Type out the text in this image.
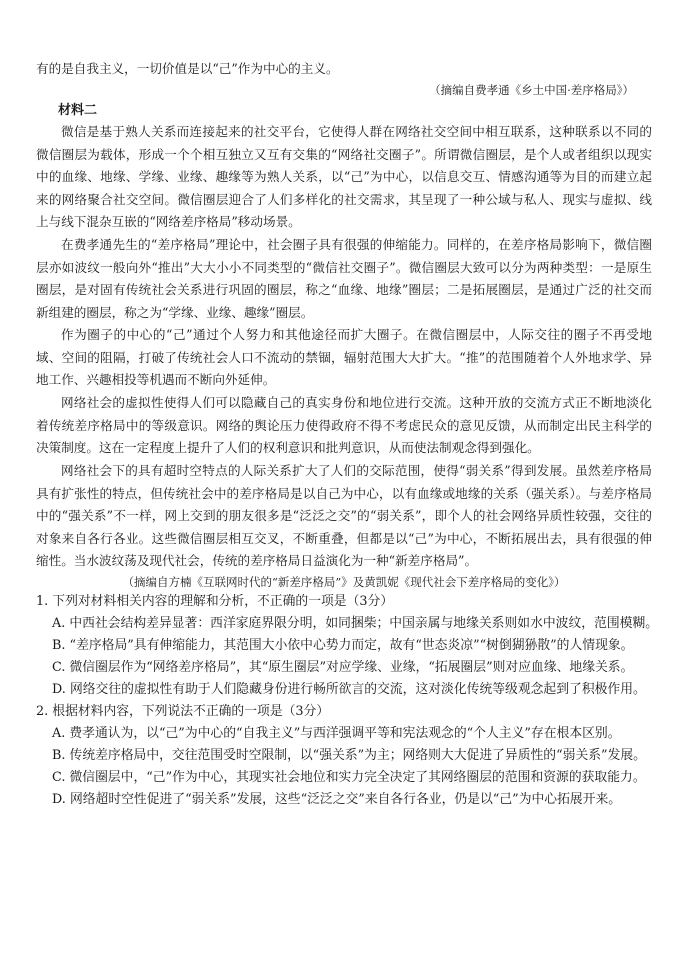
有的是自我主义，一切价值是以“己”作为中心的主义。

（摘编自费孝通《乡土中国·差序格局》）
材料二

微信是基于熟人关系而连接起来的社交平台，它使得人群在网络社交空间中相互联系，这种联系以不同的微信圈层为载体，形成一个个相互独立又互有交集的“网络社交圈子”。所谓微信圈层，是个人或者组织以现实中的血缘、地缘、学缘、业缘、趣缘等为熟人关系，以“己”为中心，以信息交互、情感沟通等为目的而建立起来的网络聚合社交空间。微信圈层迎合了人们多样化的社交需求，其呈现了一种公域与私人、现实与虚拟、线上与线下混杂互嵌的“网络差序格局”移动场景。

在费孝通先生的“差序格局”理论中，社会圈子具有很强的伸缩能力。同样的，在差序格局影响下，微信圈层亦如波纹一般向外“推出”大大小小不同类型的“微信社交圈子”。微信圈层大致可以分为两种类型：一是原生圈层，是对固有传统社会关系进行巩固的圈层，称之“血缘、地缘”圈层；二是拓展圈层，是通过广泛的社交而新组建的圈层，称之为“学缘、业缘、趣缘”圈层。

作为圈子的中心的“己”通过个人努力和其他途径而扩大圈子。在微信圈层中，人际交往的圈子不再受地域、空间的阻隔，打破了传统社会人口不流动的禁锢，辐射范围大大扩大。“推”的范围随着个人外地求学、异地工作、兴趣相投等机遇而不断向外延伸。

网络社会的虚拟性使得人们可以隐藏自己的真实身份和地位进行交流。这种开放的交流方式正不断地淡化着传统差序格局中的等级意识。网络的舆论压力使得政府不得不考虑民众的意见反馈，从而制定出民主科学的决策制度。这在一定程度上提升了人们的权利意识和批判意识，从而使法制观念得到强化。

网络社会下的具有超时空特点的人际关系扩大了人们的交际范围，使得“弱关系”得到发展。虽然差序格局具有扩张性的特点，但传统社会中的差序格局是以自己为中心，以有血缘或地缘的关系（强关系）。与差序格局中的“强关系”不一样，网上交到的朋友很多是“泛泛之交”的“弱关系”，即个人的社会网络异质性较强，交往的对象来自各行各业。这些微信圈层相互交叉，不断重叠，但都是以“己”为中心，不断拓展出去，具有很强的伸缩性。当水波纹荡及现代社会，传统的差序格局日益演化为一种“新差序格局”。

（摘编自方楠《互联网时代的“新差序格局”》及黄凯妮《现代社会下差序格局的变化》）

1. 下列对材料相关内容的理解和分析，不正确的一项是（3分）

A. 中西社会结构差异显著：西洋家庭界限分明，如同捆柴；中国亲属与地缘关系则如水中波纹，范围模糊。

B. “差序格局”具有伸缩能力，其范围大小依中心势力而定，故有“世态炎凉”“树倒猢狲散”的人情现象。

C. 微信圈层作为“网络差序格局”，其“原生圈层”对应学缘、业缘，“拓展圈层”则对应血缘、地缘关系。

D. 网络交往的虚拟性有助于人们隐藏身份进行畅所欲言的交流，这对淡化传统等级观念起到了积极作用。

2. 根据材料内容，下列说法不正确的一项是（3分）

A. 费孝通认为，以“己”为中心的“自我主义”与西洋强调平等和宪法观念的“个人主义”存在根本区别。

B. 传统差序格局中，交往范围受时空限制，以“强关系”为主；网络则大大促进了异质性的“弱关系”发展。

C. 微信圈层中，“己”作为中心，其现实社会地位和实力完全决定了其网络圈层的范围和资源的获取能力。

D. 网络超时空性促进了“弱关系”发展，这些“泛泛之交”来自各行各业，仍是以“己”为中心拓展开来。
